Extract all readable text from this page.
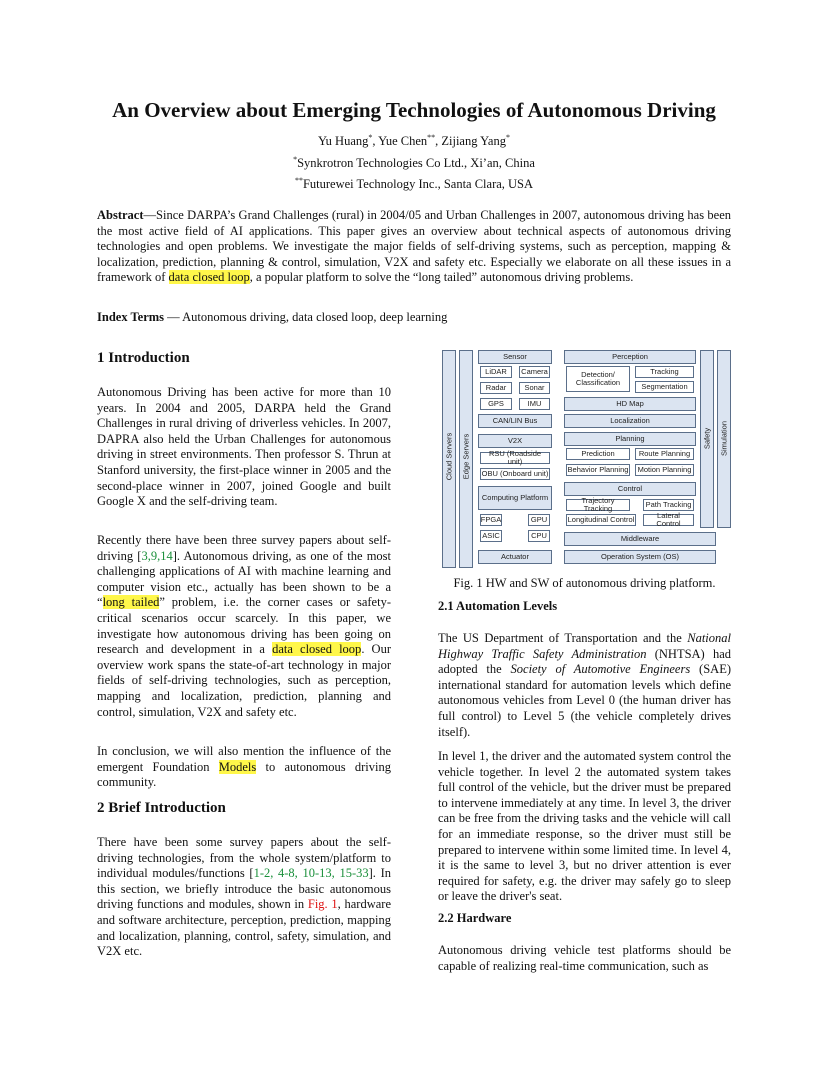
An Overview about Emerging Technologies of Autonomous Driving
Yu Huang*, Yue Chen**, Zijiang Yang*
*Synkrotron Technologies Co Ltd., Xi’an, China
**Futurewei Technology Inc., Santa Clara, USA
Abstract—Since DARPA’s Grand Challenges (rural) in 2004/05 and Urban Challenges in 2007, autonomous driving has been the most active field of AI applications. This paper gives an overview about technical aspects of autonomous driving technologies and open problems. We investigate the major fields of self-driving systems, such as perception, mapping & localization, prediction, planning & control, simulation, V2X and safety etc. Especially we elaborate on all these issues in a framework of data closed loop, a popular platform to solve the “long tailed” autonomous driving problems.
Index Terms — Autonomous driving, data closed loop, deep learning
1 Introduction
Autonomous Driving has been active for more than 10 years. In 2004 and 2005, DARPA held the Grand Challenges in rural driving of driverless vehicles. In 2007, DAPRA also held the Urban Challenges for autonomous driving in street environments. Then professor S. Thrun at Stanford university, the first-place winner in 2005 and the second-place winner in 2007, joined Google and built Google X and the self-driving team.
Recently there have been three survey papers about self-driving [3,9,14]. Autonomous driving, as one of the most challenging applications of AI with machine learning and computer vision etc., actually has been shown to be a “long tailed” problem, i.e. the corner cases or safety-critical scenarios occur scarcely. In this paper, we investigate how autonomous driving has been going on research and development in a data closed loop. Our overview work spans the state-of-art technology in major fields of self-driving technologies, such as perception, mapping and localization, prediction, planning and control, simulation, V2X and safety etc.
In conclusion, we will also mention the influence of the emergent Foundation Models to autonomous driving community.
2 Brief Introduction
There have been some survey papers about the self-driving technologies, from the whole system/platform to individual modules/functions [1-2, 4-8, 10-13, 15-33]. In this section, we briefly introduce the basic autonomous driving functions and modules, shown in Fig. 1, hardware and software architecture, perception, prediction, mapping and localization, planning, control, safety, simulation, and V2X etc.
Cloud Servers Edge Servers
Sensor
LiDAR	Camera
Radar	Sonar
GPS	IMU
CAN/LIN Bus
V2X
RSU (Roadside unit)
OBU (Onboard unit)
Computing Platform
FPGA	GPU
ASIC	CPU
Actuator
Perception
Detection/ Classification
Tracking
Segmentation
HD Map
Localization
Planning
Prediction	Route Planning
Behavior Planning	Motion Planning
Control
Trajectory Tracking	Path Tracking
Longitudinal Control	Lateral Control
Middleware
Operation System (OS)
Safety Simulation
Fig. 1 HW and SW of autonomous driving platform.
2.1 Automation Levels
The US Department of Transportation and the National Highway Traffic Safety Administration (NHTSA) had adopted the Society of Automotive Engineers (SAE) international standard for automation levels which define autonomous vehicles from Level 0 (the human driver has full control) to Level 5 (the vehicle completely drives itself).
In level 1, the driver and the automated system control the vehicle together. In level 2 the automated system takes full control of the vehicle, but the driver must be prepared to intervene immediately at any time. In level 3, the driver can be free from the driving tasks and the vehicle will call for an immediate response, so the driver must still be prepared to intervene within some limited time. In level 4, it is the same to level 3, but no driver attention is ever required for safety, e.g. the driver may safely go to sleep or leave the driver's seat.
2.2 Hardware
Autonomous driving vehicle test platforms should be capable of realizing real-time communication, such as
